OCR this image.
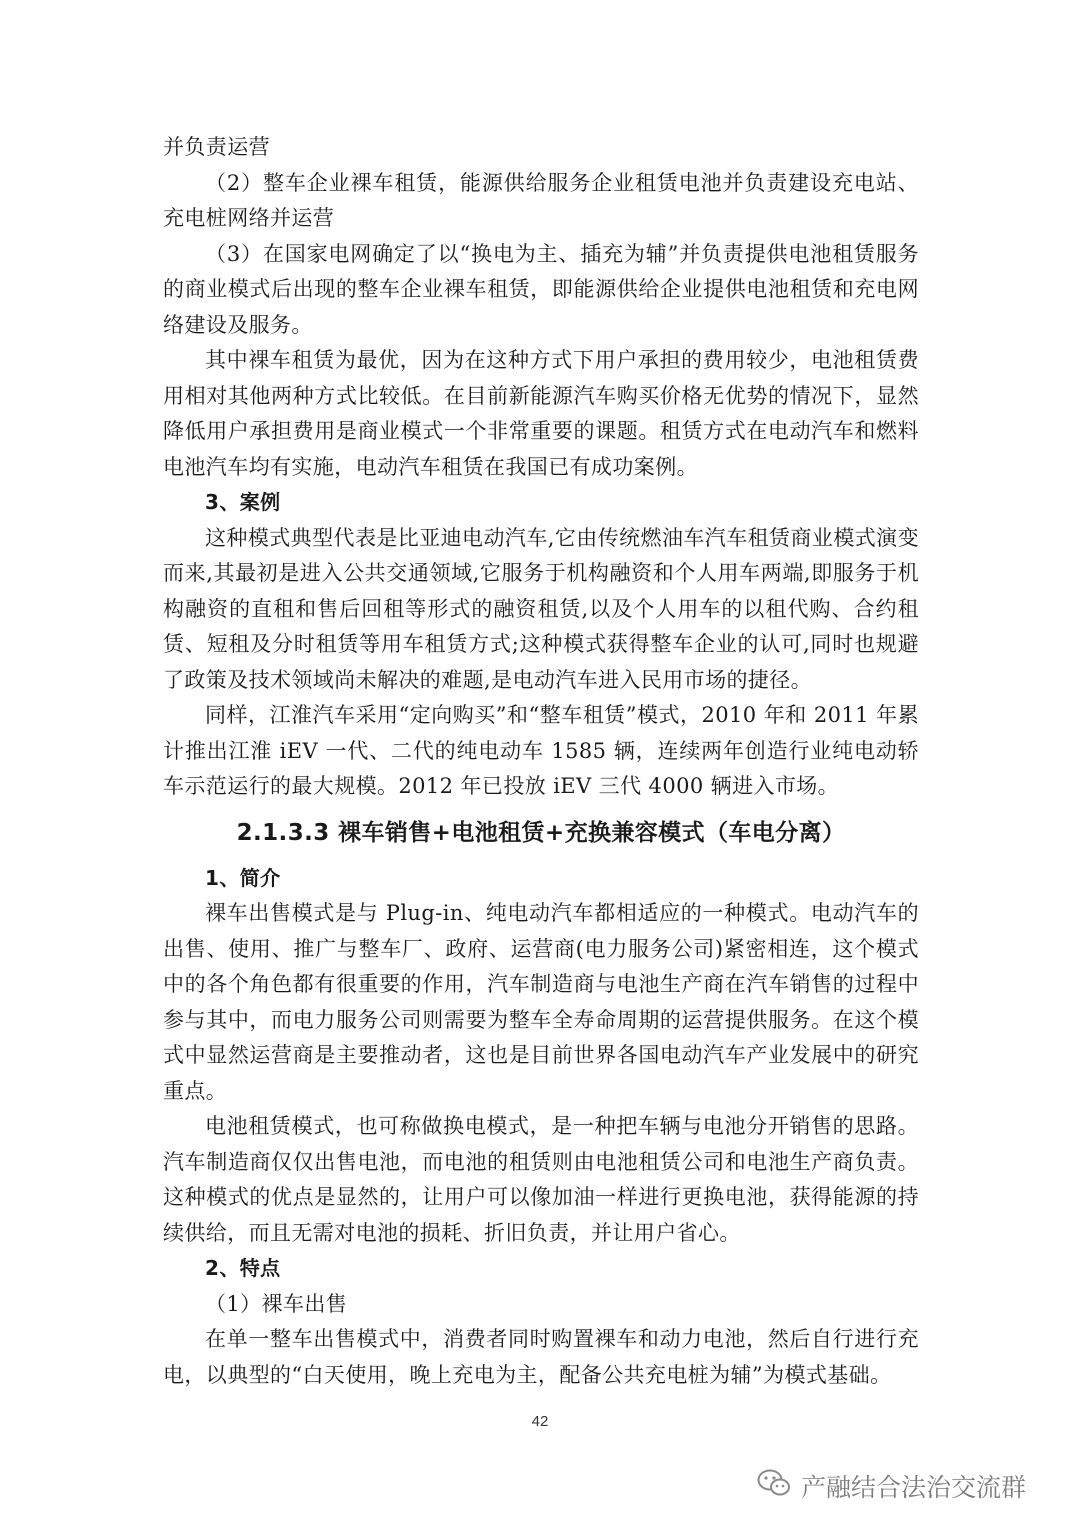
并负责运营

（2）整车企业裸车租赁，能源供给服务企业租赁电池并负责建设充电站、充电桩网络并运营

（3）在国家电网确定了以“换电为主、插充为辅”并负责提供电池租赁服务的商业模式后出现的整车企业裸车租赁，即能源供给企业提供电池租赁和充电网络建设及服务。

其中裸车租赁为最优，因为在这种方式下用户承担的费用较少，电池租赁费用相对其他两种方式比较低。在目前新能源汽车购买价格无优势的情况下，显然降低用户承担费用是商业模式一个非常重要的课题。租赁方式在电动汽车和燃料电池汽车均有实施，电动汽车租赁在我国已有成功案例。

3、案例

这种模式典型代表是比亚迪电动汽车,它由传统燃油车汽车租赁商业模式演变而来,其最初是进入公共交通领域,它服务于机构融资和个人用车两端,即服务于机构融资的直租和售后回租等形式的融资租赁,以及个人用车的以租代购、合约租赁、短租及分时租赁等用车租赁方式;这种模式获得整车企业的认可,同时也规避了政策及技术领域尚未解决的难题,是电动汽车进入民用市场的捷径。

同样，江淮汽车采用“定向购买”和“整车租赁”模式，2010 年和 2011 年累计推出江淮 iEV 一代、二代的纯电动车 1585 辆，连续两年创造行业纯电动轿车示范运行的最大规模。2012 年已投放 iEV 三代 4000 辆进入市场。

2.1.3.3 裸车销售+电池租赁+充换兼容模式（车电分离）

1、简介

裸车出售模式是与 Plug-in、纯电动汽车都相适应的一种模式。电动汽车的出售、使用、推广与整车厂、政府、运营商(电力服务公司)紧密相连，这个模式中的各个角色都有很重要的作用，汽车制造商与电池生产商在汽车销售的过程中参与其中，而电力服务公司则需要为整车全寿命周期的运营提供服务。在这个模式中显然运营商是主要推动者，这也是目前世界各国电动汽车产业发展中的研究重点。

电池租赁模式，也可称做换电模式，是一种把车辆与电池分开销售的思路。汽车制造商仅仅出售电池，而电池的租赁则由电池租赁公司和电池生产商负责。这种模式的优点是显然的，让用户可以像加油一样进行更换电池，获得能源的持续供给，而且无需对电池的损耗、折旧负责，并让用户省心。

2、特点

（1）裸车出售

在单一整车出售模式中，消费者同时购置裸车和动力电池，然后自行进行充电，以典型的“白天使用，晚上充电为主，配备公共充电桩为辅”为模式基础。

42
产融结合法治交流群
